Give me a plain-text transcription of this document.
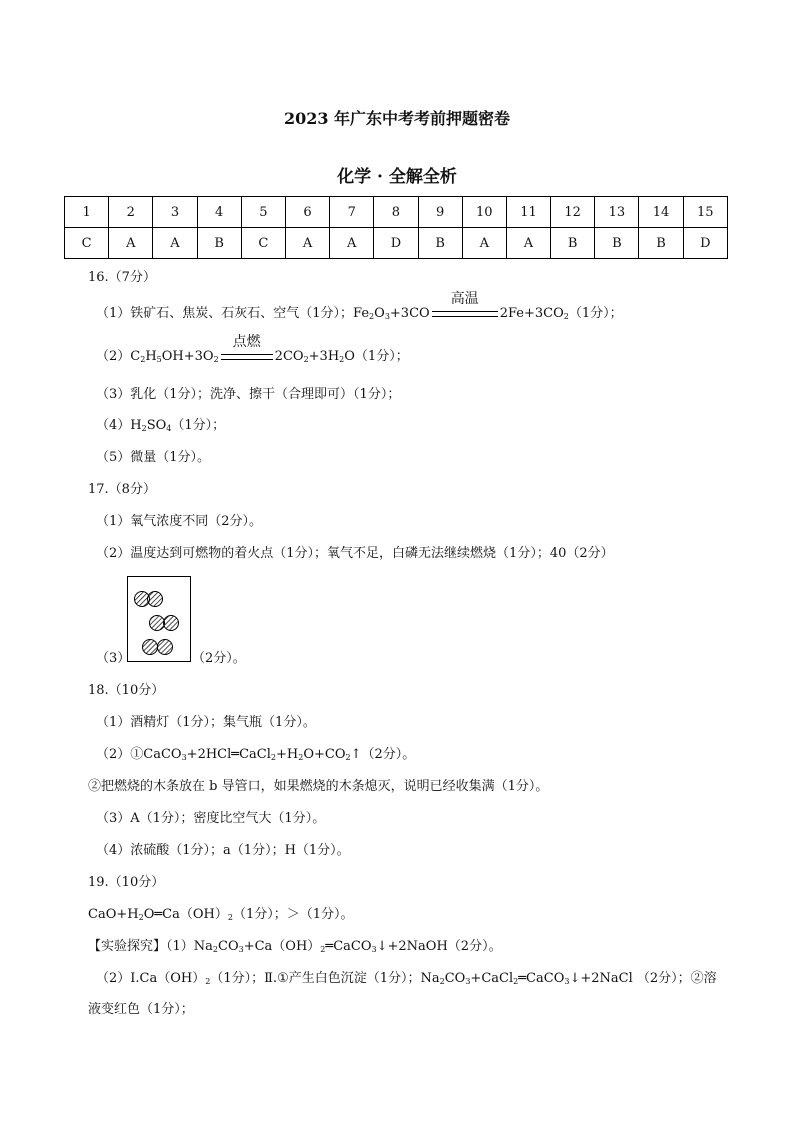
2023 年广东中考考前押题密卷
化学 · 全解全析
1	2	3	4	5	6	7	8	9	10	11	12	13	14	15
C	A	A	B	C	A	A	D	B	A	A	B	B	B	D
16.（7分）
（1）铁矿石、焦炭、石灰石、空气（1分）；$Fe_2O_3+3CO$
高温
$2Fe+3CO_2(1$分）；
$(2)C_2H_5OH+3O_2$
点燃
$2CO_2+3H_2O(1$分）；
（3）乳化（1分）；洗净、擦干（合理即可）（1分）；
$(4)H_2SO_4(1$分）；
（5）微量（1分）。
17.（8分）
（1）氧气浓度不同（2分）。
（2）温度达到可燃物的着火点（1分）；氧气不足，白磷无法继续燃烧（1分）；40（2分）
（3）	（2分）。
18.（10分）
（1）酒精灯（1分）；集气瓶（1分）。
$(2)①CaCO_3+2HCl═CaCl_2+H_2O+CO_2↑(2$分）。
②把燃烧的木条放在 b 导管口，如果燃烧的木条熄灭，说明已经收集满（1分）。
（3）A（1分）；密度比空气大（1分）。
（4）浓硫酸（1分）；a（1分）；H（1分）。
19.（10分）
$CaO+H_2O═Ca(OH)_2(1$分）；＞（1分）。
【实验探究】$(1)Na_2CO_3+Ca(OH)_2═CaCO_3↓+2NaOH(2$分）。
$(2)Ⅰ.Ca(OH)_2(1$分）；Ⅱ.①产生白色沉淀（1分）；$Na_2CO_3+CaCl_2═CaCO_3↓+2NaCl$ （2分）；②溶
液变红色（1分）；
